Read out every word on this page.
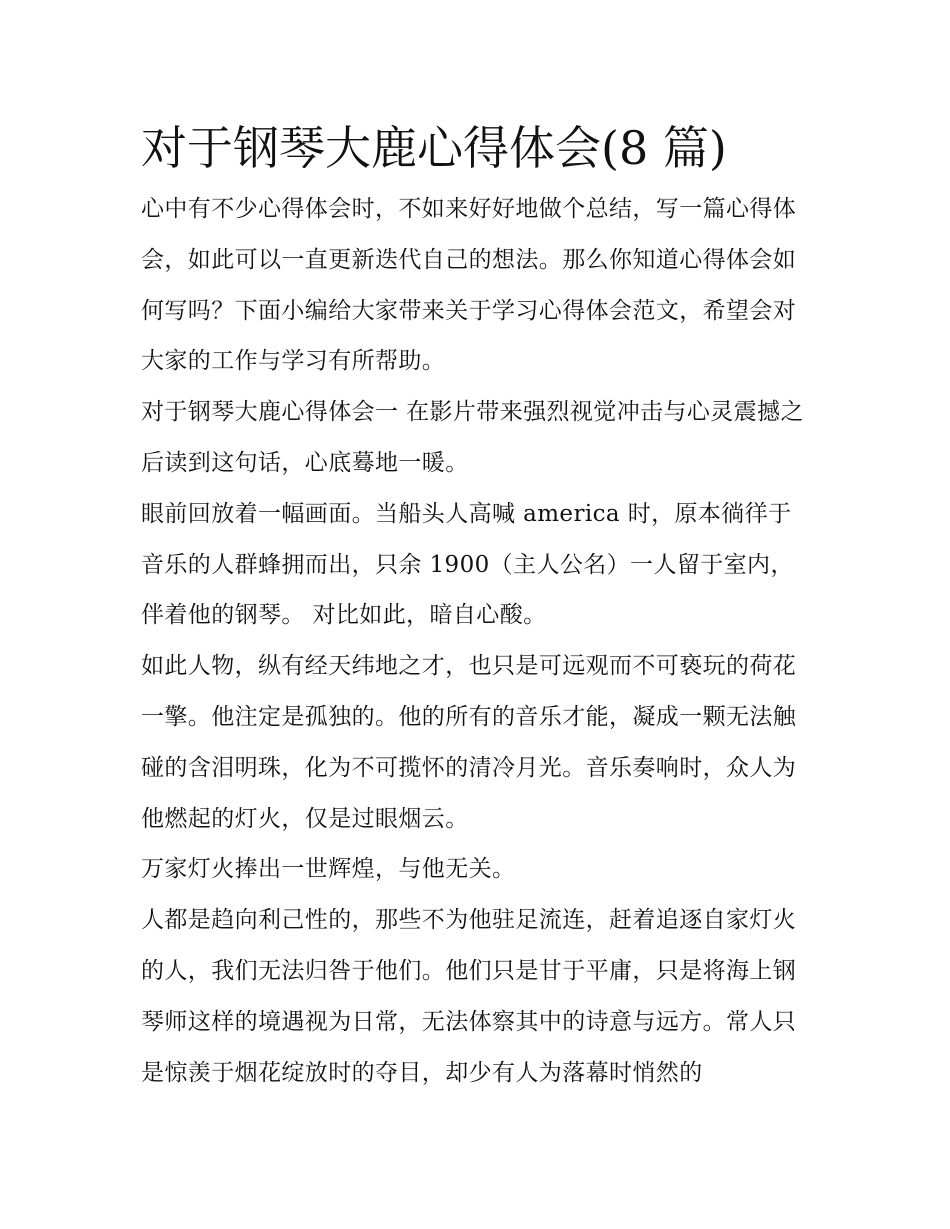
对于钢琴大鹿心得体会(8 篇)

心中有不少心得体会时，不如来好好地做个总结，写一篇心得体会，如此可以一直更新迭代自己的想法。那么你知道心得体会如何写吗？下面小编给大家带来关于学习心得体会范文，希望会对大家的工作与学习有所帮助。

对于钢琴大鹿心得体会一 在影片带来强烈视觉冲击与心灵震撼之后读到这句话，心底蓦地一暖。

眼前回放着一幅画面。当船头人高喊 america 时，原本徜徉于音乐的人群蜂拥而出，只余 1900（主人公名）一人留于室内，伴着他的钢琴。 对比如此，暗自心酸。

如此人物，纵有经天纬地之才，也只是可远观而不可亵玩的荷花一擎。他注定是孤独的。他的所有的音乐才能，凝成一颗无法触碰的含泪明珠，化为不可揽怀的清冷月光。音乐奏响时，众人为他燃起的灯火，仅是过眼烟云。

万家灯火捧出一世辉煌，与他无关。

人都是趋向利己性的，那些不为他驻足流连，赶着追逐自家灯火的人，我们无法归咎于他们。他们只是甘于平庸，只是将海上钢琴师这样的境遇视为日常，无法体察其中的诗意与远方。常人只是惊羡于烟花绽放时的夺目，却少有人为落幕时悄然的
